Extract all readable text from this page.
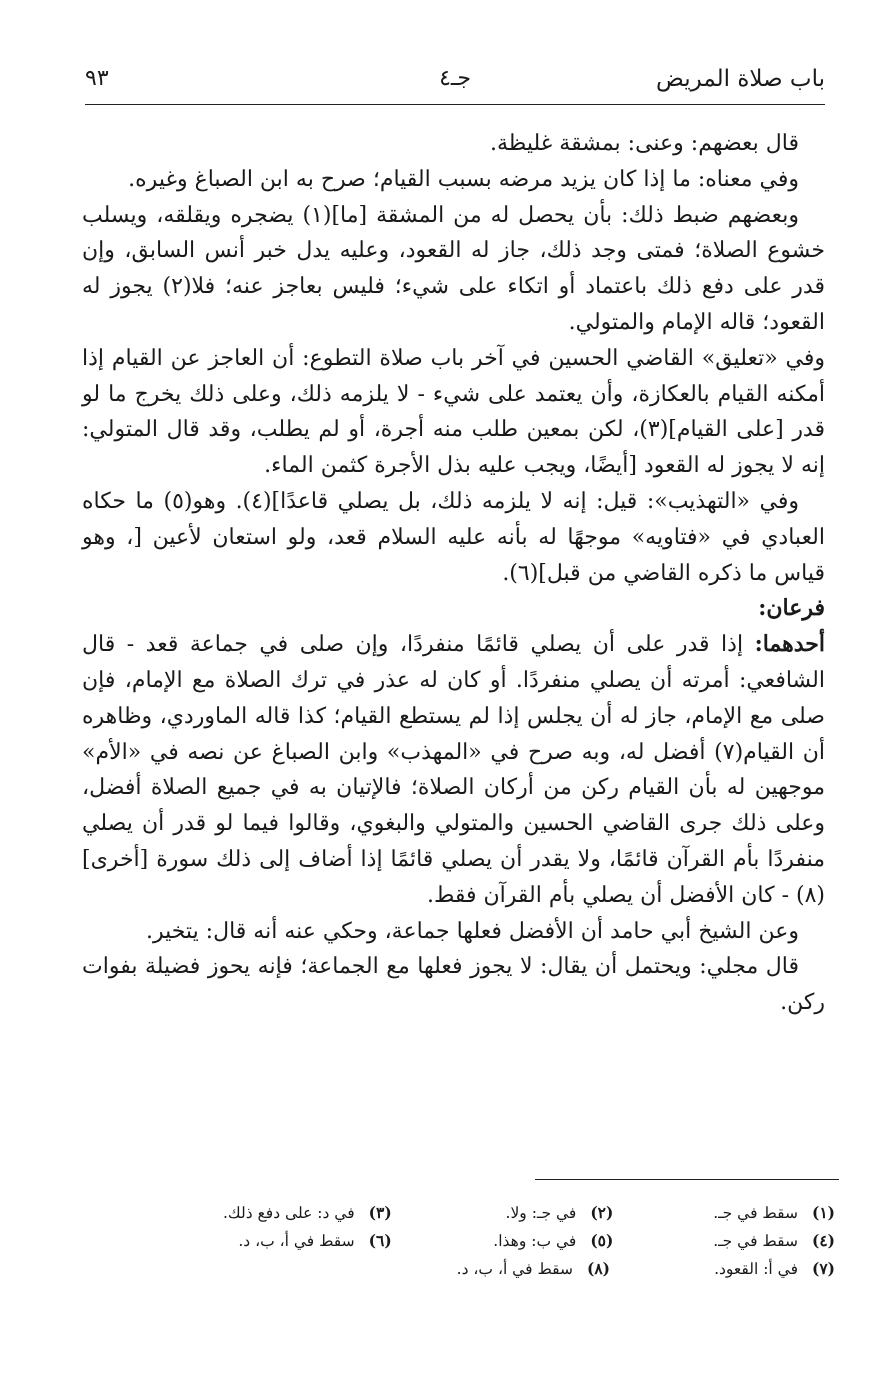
باب صلاة المريض
جـ٤
٩٣

قال بعضهم: وعنى: بمشقة غليظة.

وفي معناه: ما إذا كان يزيد مرضه بسبب القيام؛ صرح به ابن الصباغ وغيره.

وبعضهم ضبط ذلك: بأن يحصل له من المشقة [ما](١) يضجره ويقلقه، ويسلب خشوع الصلاة؛ فمتى وجد ذلك، جاز له القعود، وعليه يدل خبر أنس السابق، وإن قدر على دفع ذلك باعتماد أو اتكاء على شيء؛ فليس بعاجز عنه؛ فلا(٢) يجوز له القعود؛ قاله الإمام والمتولي.

وفي «تعليق» القاضي الحسين في آخر باب صلاة التطوع: أن العاجز عن القيام إذا أمكنه القيام بالعكازة، وأن يعتمد على شيء - لا يلزمه ذلك، وعلى ذلك يخرج ما لو قدر [على القيام](٣)، لكن بمعين طلب منه أجرة، أو لم يطلب، وقد قال المتولي: إنه لا يجوز له القعود [أيضًا، ويجب عليه بذل الأجرة كثمن الماء.

وفي «التهذيب»: قيل: إنه لا يلزمه ذلك، بل يصلي قاعدًا](٤). وهو(٥) ما حكاه العبادي في «فتاويه» موجهًا له بأنه عليه السلام قعد، ولو استعان لأعين [، وهو قياس ما ذكره القاضي من قبل](٦).

فرعان:

أحدهما: إذا قدر على أن يصلي قائمًا منفردًا، وإن صلى في جماعة قعد - قال الشافعي: أمرته أن يصلي منفردًا. أو كان له عذر في ترك الصلاة مع الإمام، فإن صلى مع الإمام، جاز له أن يجلس إذا لم يستطع القيام؛ كذا قاله الماوردي، وظاهره أن القيام(٧) أفضل له، وبه صرح في «المهذب» وابن الصباغ عن نصه في «الأم» موجهين له بأن القيام ركن من أركان الصلاة؛ فالإتيان به في جميع الصلاة أفضل، وعلى ذلك جرى القاضي الحسين والمتولي والبغوي، وقالوا فيما لو قدر أن يصلي منفردًا بأم القرآن قائمًا، ولا يقدر أن يصلي قائمًا إذا أضاف إلى ذلك سورة [أخرى](٨) - كان الأفضل أن يصلي بأم القرآن فقط.

وعن الشيخ أبي حامد أن الأفضل فعلها جماعة، وحكي عنه أنه قال: يتخير.

قال مجلي: ويحتمل أن يقال: لا يجوز فعلها مع الجماعة؛ فإنه يحوز فضيلة بفوات ركن.

(١)سقط في جـ.
(٢)في جـ: ولا.
(٣)في د: على دفع ذلك.
(٤)سقط في جـ.
(٥)في ب: وهذا.
(٦)سقط في أ، ب، د.
(٧)في أ: القعود.
(٨)سقط في أ، ب، د.
